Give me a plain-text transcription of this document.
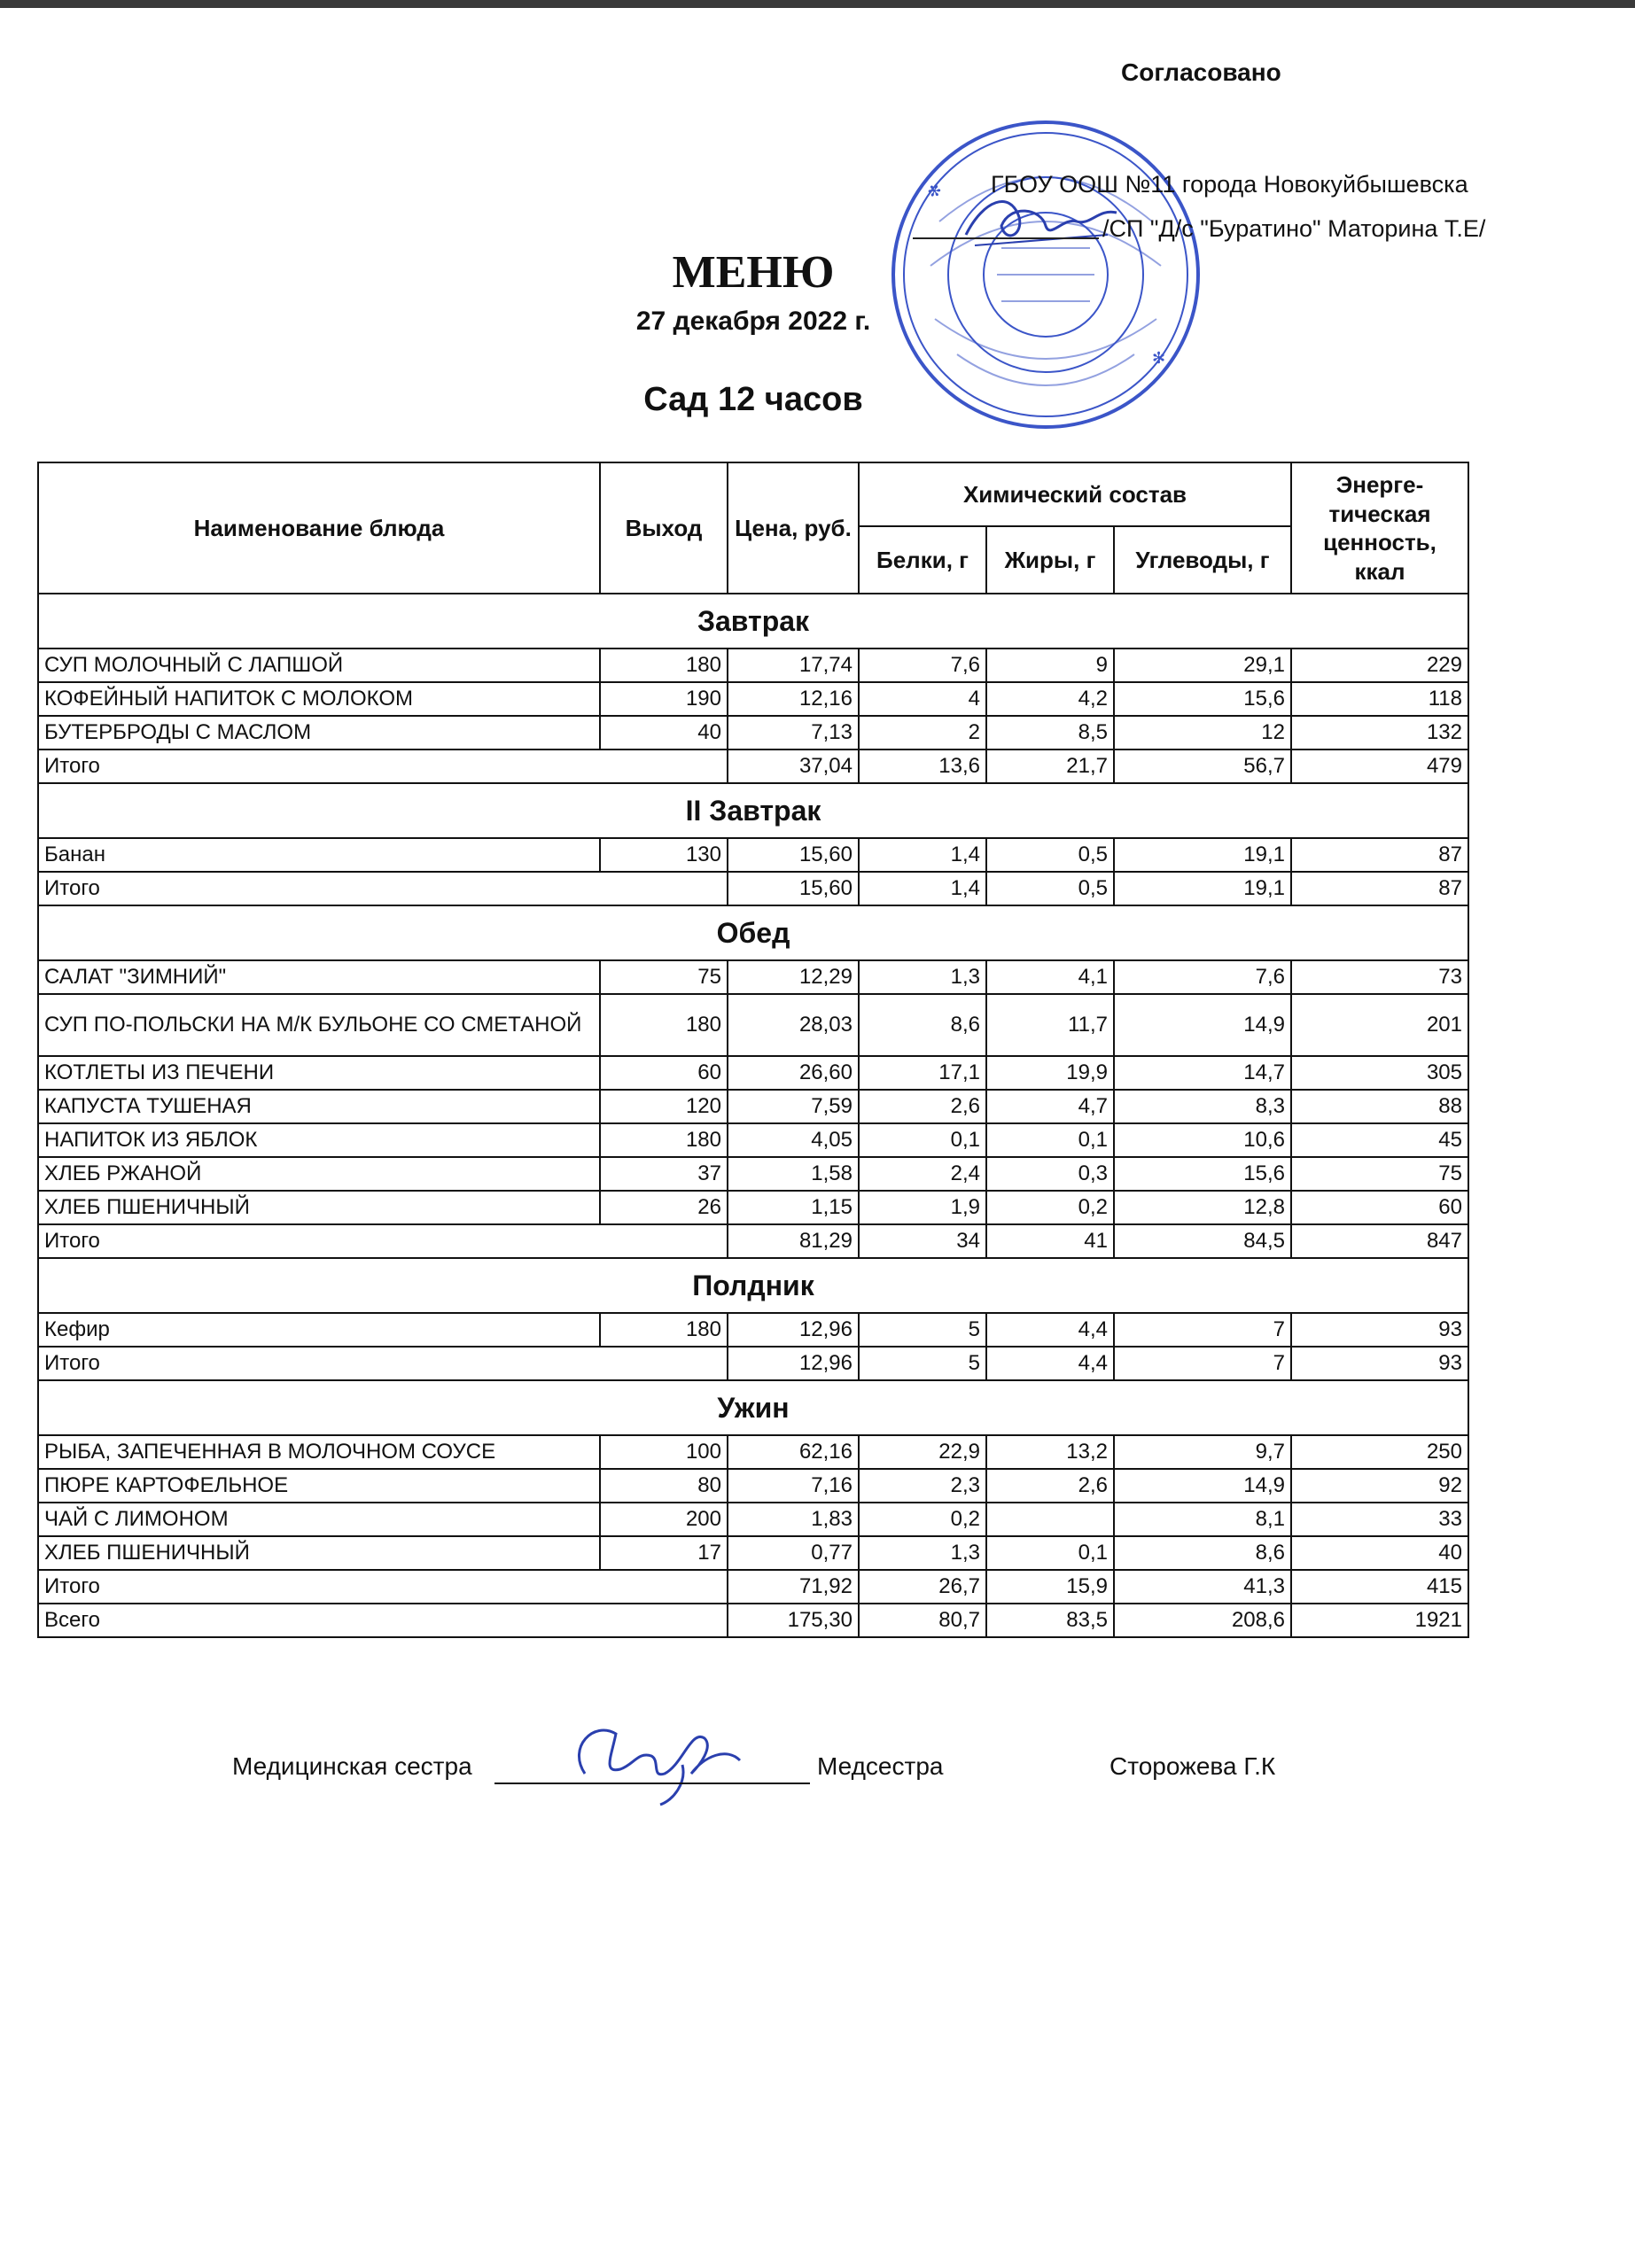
✻
✻
Согласовано
ГБОУ ООШ №11 города Новокуйбышевска
/СП "Д/с "Буратино" Маторина Т.Е/
МЕНЮ
27 декабря 2022 г.
Сад 12 часов
Наименование блюда	Выход	Цена, руб.	Химический состав			Энерге-тическая ценность, ккал
			Белки, г	Жиры, г	Углеводы, г	
Завтрак						
СУП МОЛОЧНЫЙ С ЛАПШОЙ	180	17,74	7,6	9	29,1	229
КОФЕЙНЫЙ НАПИТОК С МОЛОКОМ	190	12,16	4	4,2	15,6	118
БУТЕРБРОДЫ С МАСЛОМ	40	7,13	2	8,5	12	132
Итого		37,04	13,6	21,7	56,7	479
II Завтрак						
Банан	130	15,60	1,4	0,5	19,1	87
Итого		15,60	1,4	0,5	19,1	87
Обед						
САЛАТ "ЗИМНИЙ"	75	12,29	1,3	4,1	7,6	73
СУП ПО-ПОЛЬСКИ НА М/К БУЛЬОНЕ СО СМЕТАНОЙ	180	28,03	8,6	11,7	14,9	201
КОТЛЕТЫ ИЗ ПЕЧЕНИ	60	26,60	17,1	19,9	14,7	305
КАПУСТА ТУШЕНАЯ	120	7,59	2,6	4,7	8,3	88
НАПИТОК ИЗ ЯБЛОК	180	4,05	0,1	0,1	10,6	45
ХЛЕБ РЖАНОЙ	37	1,58	2,4	0,3	15,6	75
ХЛЕБ ПШЕНИЧНЫЙ	26	1,15	1,9	0,2	12,8	60
Итого		81,29	34	41	84,5	847
Полдник						
Кефир	180	12,96	5	4,4	7	93
Итого		12,96	5	4,4	7	93
Ужин						
РЫБА, ЗАПЕЧЕННАЯ В МОЛОЧНОМ СОУСЕ	100	62,16	22,9	13,2	9,7	250
ПЮРЕ КАРТОФЕЛЬНОЕ	80	7,16	2,3	2,6	14,9	92
ЧАЙ С ЛИМОНОМ	200	1,83	0,2		8,1	33
ХЛЕБ ПШЕНИЧНЫЙ	17	0,77	1,3	0,1	8,6	40
Итого		71,92	26,7	15,9	41,3	415
Всего		175,30	80,7	83,5	208,6	1921
Медицинская сестра	Медсестра	Сторожева Г.К
